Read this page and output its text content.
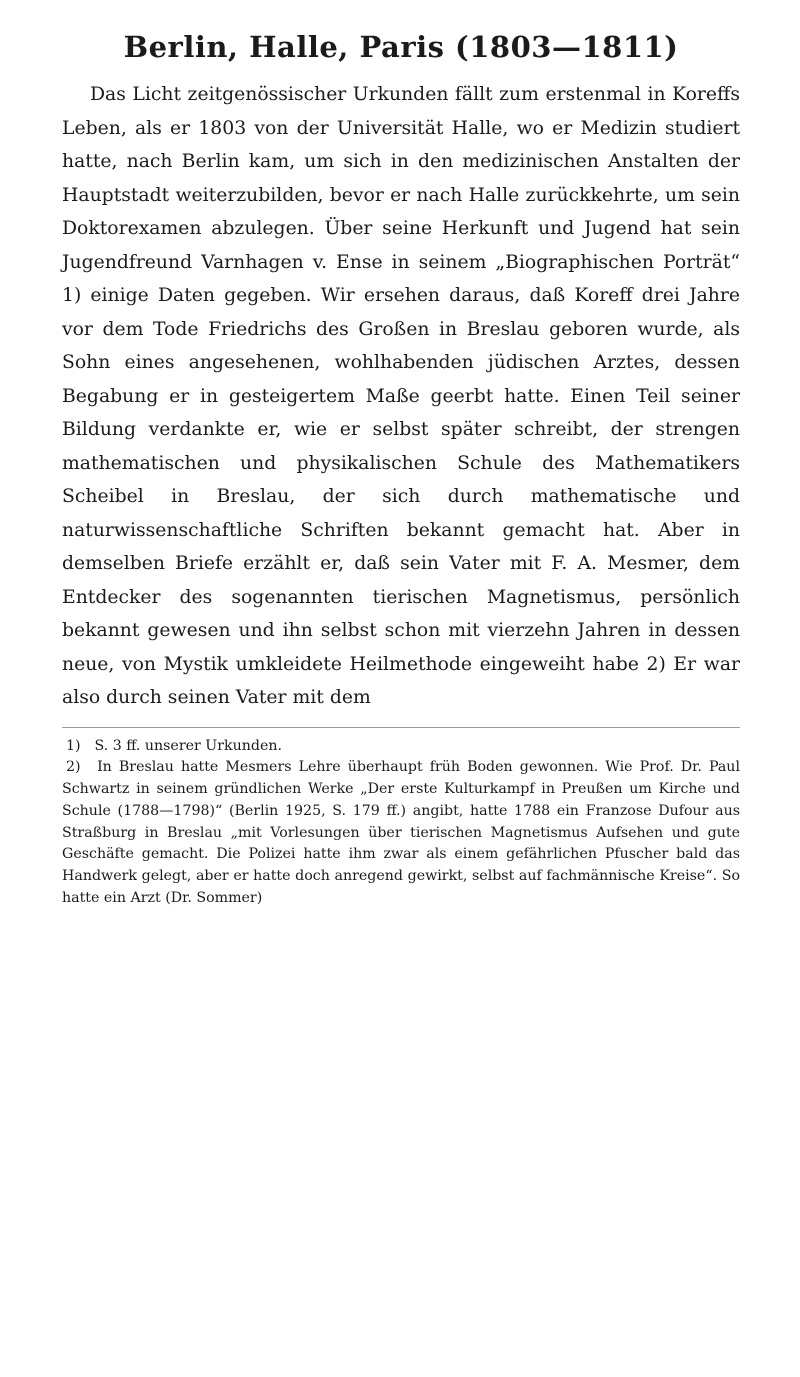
Berlin, Halle, Paris (1803—1811)

Das Licht zeitgenössischer Urkunden fällt zum erstenmal in Koreffs Leben, als er 1803 von der Universität Halle, wo er Medizin studiert hatte, nach Berlin kam, um sich in den medizinischen Anstalten der Hauptstadt weiterzubilden, bevor er nach Halle zurückkehrte, um sein Doktorexamen abzulegen. Über seine Herkunft und Jugend hat sein Jugendfreund Varnhagen v. Ense in seinem „Biographischen Porträt“ 1) einige Daten gegeben. Wir ersehen daraus, daß Koreff drei Jahre vor dem Tode Friedrichs des Großen in Breslau geboren wurde, als Sohn eines angesehenen, wohlhabenden jüdischen Arztes, dessen Begabung er in gesteigertem Maße geerbt hatte. Einen Teil seiner Bildung verdankte er, wie er selbst später schreibt, der strengen mathematischen und physikalischen Schule des Mathematikers Scheibel in Breslau, der sich durch mathematische und naturwissenschaftliche Schriften bekannt gemacht hat. Aber in demselben Briefe erzählt er, daß sein Vater mit F. A. Mesmer, dem Entdecker des sogenannten tierischen Magnetismus, persönlich bekannt gewesen und ihn selbst schon mit vierzehn Jahren in dessen neue, von Mystik umkleidete Heilmethode eingeweiht habe 2) Er war also durch seinen Vater mit dem

1) S. 3 ff. unserer Urkunden.

2) In Breslau hatte Mesmers Lehre überhaupt früh Boden gewonnen. Wie Prof. Dr. Paul Schwartz in seinem gründlichen Werke „Der erste Kulturkampf in Preußen um Kirche und Schule (1788—1798)“ (Berlin 1925, S. 179 ff.) angibt, hatte 1788 ein Franzose Dufour aus Straßburg in Breslau „mit Vorlesungen über tierischen Magnetismus Aufsehen und gute Geschäfte gemacht. Die Polizei hatte ihm zwar als einem gefährlichen Pfuscher bald das Handwerk gelegt, aber er hatte doch anregend gewirkt, selbst auf fachmännische Kreise“. So hatte ein Arzt (Dr. Sommer)
